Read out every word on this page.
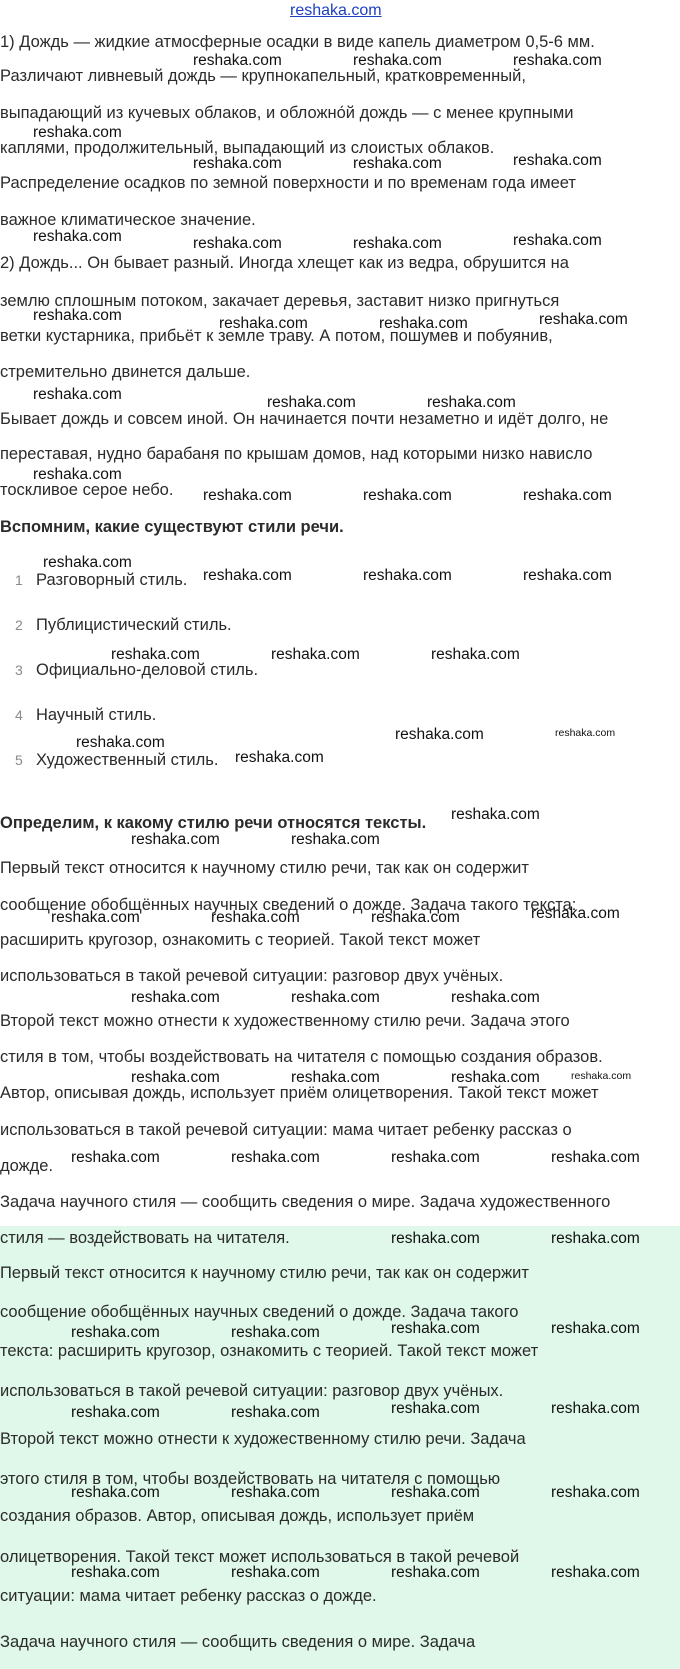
reshaka.com
1) Дождь — жидкие атмосферные осадки в виде капель диаметром 0,5-6 мм.
Различают ливневый дождь — крупнокапельный, кратковременный,
выпадающий из кучевых облаков, и обложно́й дождь — с менее крупными
каплями, продолжительный, выпадающий из слоистых облаков.
Распределение осадков по земной поверхности и по временам года имеет
важное климатическое значение.
2) Дождь... Он бывает разный. Иногда хлещет как из ведра, обрушится на
землю сплошным потоком, закачает деревья, заставит низко пригнуться
ветки кустарника, прибьёт к земле траву. А потом, пошумев и побуянив,
стремительно двинется дальше.
Бывает дождь и совсем иной. Он начинается почти незаметно и идёт долго, не
переставая, нудно барабаня по крышам домов, над которыми низко нависло
тоскливое серое небо.
Вспомним, какие существуют стили речи.
1 Разговорный стиль.
2 Публицистический стиль.
3 Официально-деловой стиль.
4 Научный стиль.
5 Художественный стиль.
Определим, к какому стилю речи относятся тексты.
Первый текст относится к научному стилю речи, так как он содержит
сообщение обобщённых научных сведений о дожде. Задача такого текста:
расширить кругозор, ознакомить с теорией. Такой текст может
использоваться в такой речевой ситуации: разговор двух учёных.
Второй текст можно отнести к художественному стилю речи. Задача этого
стиля в том, чтобы воздействовать на читателя с помощью создания образов.
Автор, описывая дождь, использует приём олицетворения. Такой текст может
использоваться в такой речевой ситуации: мама читает ребенку рассказ о
дожде.
Задача научного стиля — сообщить сведения о мире. Задача художественного
стиля — воздействовать на читателя.
Первый текст относится к научному стилю речи, так как он содержит
сообщение обобщённых научных сведений о дожде. Задача такого
текста: расширить кругозор, ознакомить с теорией. Такой текст может
использоваться в такой речевой ситуации: разговор двух учёных.
Второй текст можно отнести к художественному стилю речи. Задача
этого стиля в том, чтобы воздействовать на читателя с помощью
создания образов. Автор, описывая дождь, использует приём
олицетворения. Такой текст может использоваться в такой речевой
ситуации: мама читает ребенку рассказ о дожде.
Задача научного стиля — сообщить сведения о мире. Задача
reshaka.com	reshaka.com	reshaka.com
reshaka.com
reshaka.com	reshaka.com	reshaka.com
reshaka.com	reshaka.com	reshaka.com	reshaka.com
reshaka.com	reshaka.com	reshaka.com	reshaka.com
reshaka.com	reshaka.com	reshaka.com
reshaka.com
reshaka.com	reshaka.com	reshaka.com
reshaka.com
reshaka.com	reshaka.com	reshaka.com
reshaka.com	reshaka.com	reshaka.com
reshaka.com	reshaka.com
reshaka.com
reshaka.com
reshaka.com
reshaka.com	reshaka.com
reshaka.com	reshaka.com	reshaka.com	reshaka.com
reshaka.com	reshaka.com	reshaka.com
reshaka.com	reshaka.com	reshaka.com	reshaka.com
reshaka.com	reshaka.com	reshaka.com	reshaka.com
reshaka.com	reshaka.com
reshaka.com	reshaka.com	reshaka.com	reshaka.com
reshaka.com	reshaka.com	reshaka.com	reshaka.com
reshaka.com	reshaka.com	reshaka.com	reshaka.com
reshaka.com	reshaka.com	reshaka.com	reshaka.com
